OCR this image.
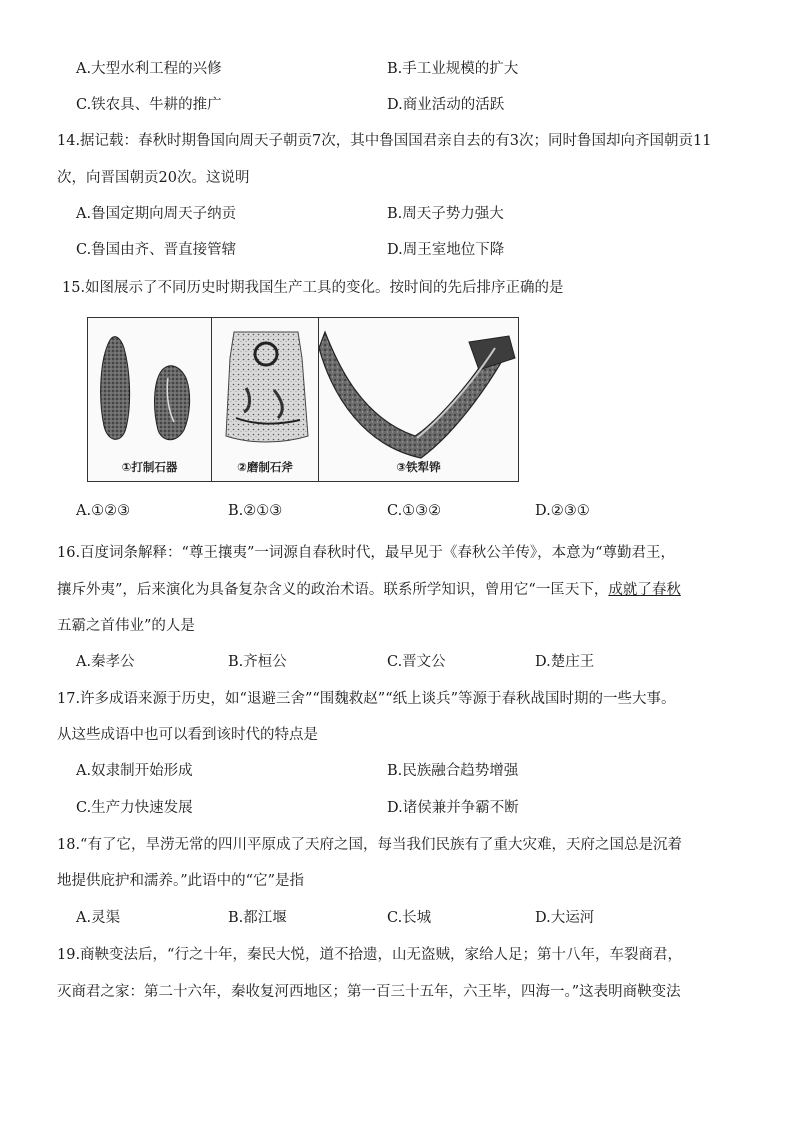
A.大型水利工程的兴修	B.手工业规模的扩大
C.铁农具、牛耕的推广	D.商业活动的活跃
14.据记载：春秋时期鲁国向周天子朝贡7次，其中鲁国国君亲自去的有3次；同时鲁国却向齐国朝贡11
次，向晋国朝贡20次。这说明
A.鲁国定期向周天子纳贡	B.周天子势力强大
C.鲁国由齐、晋直接管辖	D.周王室地位下降
15.如图展示了不同历史时期我国生产工具的变化。按时间的先后排序正确的是
①打制石器	②磨制石斧	③铁犁铧
A.①②③	B.②①③	C.①③②	D.②③①
16.百度词条解释：“尊王攘夷”一词源自春秋时代，最早见于《春秋公羊传》，本意为“尊勤君王，
攘斥外夷”，后来演化为具备复杂含义的政治术语。联系所学知识，曾用它“一匡天下，成就了春秋
五霸之首伟业”的人是
A.秦孝公	B.齐桓公	C.晋文公	D.楚庄王
17.许多成语来源于历史，如“退避三舍”“围魏救赵”“纸上谈兵”等源于春秋战国时期的一些大事。
从这些成语中也可以看到该时代的特点是
A.奴隶制开始形成	B.民族融合趋势增强
C.生产力快速发展	D.诸侯兼并争霸不断
18.“有了它，旱涝无常的四川平原成了天府之国，每当我们民族有了重大灾难，天府之国总是沉着
地提供庇护和濡养。”此语中的“它”是指
A.灵渠	B.都江堰	C.长城	D.大运河
19.商鞅变法后，“行之十年，秦民大悦，道不拾遗，山无盗贼，家给人足；第十八年，车裂商君，
灭商君之家：第二十六年，秦收复河西地区；第一百三十五年，六王毕，四海一。”这表明商鞅变法
